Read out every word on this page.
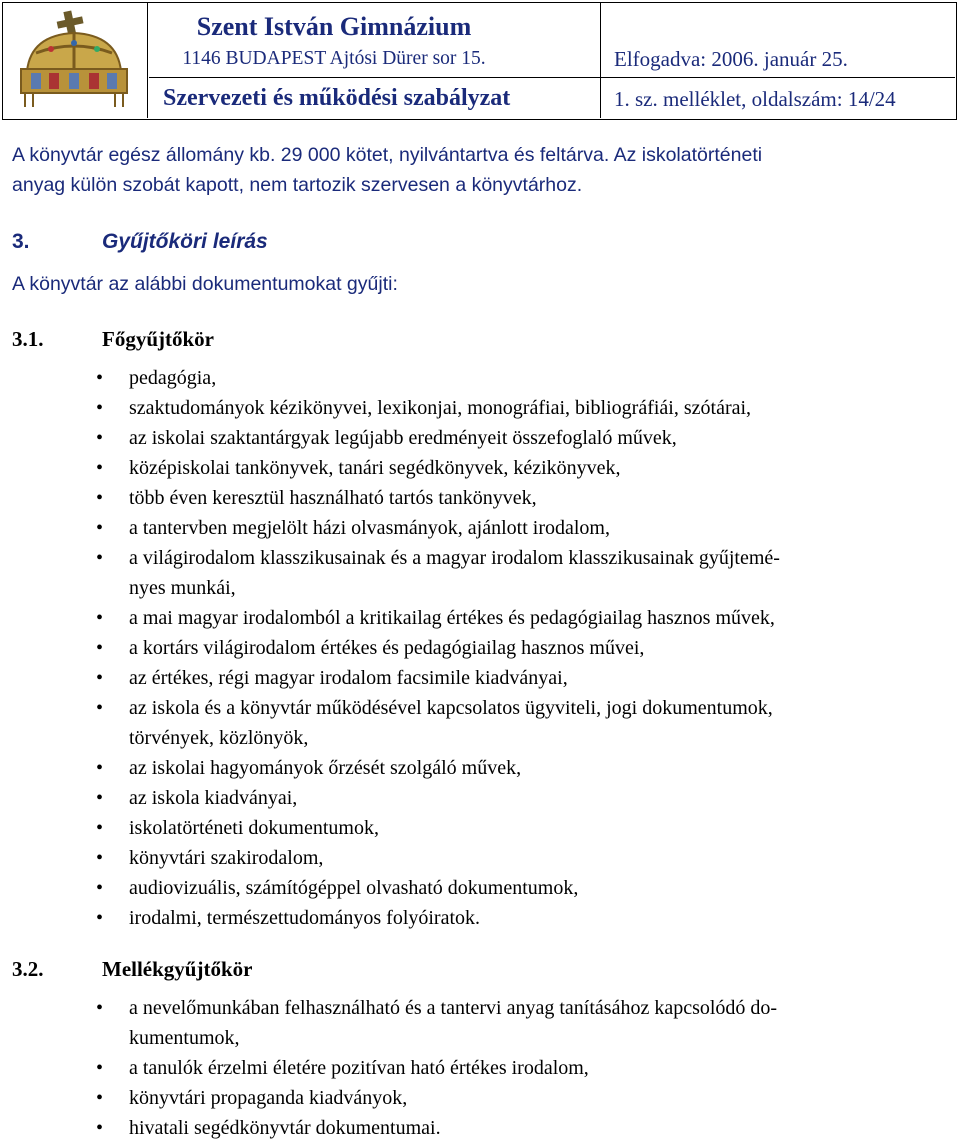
Szent István Gimnázium
1146 BUDAPEST Ajtósi Dürer sor 15.
Szervezeti és működési szabályzat
Elfogadva: 2006. január 25.
1. sz. melléklet, oldalszám: 14/24
A könyvtár egész állomány kb. 29 000 kötet, nyilvántartva és feltárva. Az iskolatörténeti
anyag külön szobát kapott, nem tartozik szervesen a könyvtárhoz.
3.	Gyűjtőköri leírás
A könyvtár az alábbi dokumentumokat gyűjti:
3.1.	Főgyűjtőkör
• pedagógia,
• szaktudományok kézikönyvei, lexikonjai, monográfiai, bibliográfiái, szótárai,
• az iskolai szaktantárgyak legújabb eredményeit összefoglaló művek,
• középiskolai tankönyvek, tanári segédkönyvek, kézikönyvek,
• több éven keresztül használható tartós tankönyvek,
• a tantervben megjelölt házi olvasmányok, ajánlott irodalom,
• a világirodalom klasszikusainak és a magyar irodalom klasszikusainak gyűjtemé-
nyes munkái,
• a mai magyar irodalomból a kritikailag értékes és pedagógiailag hasznos művek,
• a kortárs világirodalom értékes és pedagógiailag hasznos művei,
• az értékes, régi magyar irodalom facsimile kiadványai,
• az iskola és a könyvtár működésével kapcsolatos ügyviteli, jogi dokumentumok,
törvények, közlönyök,
• az iskolai hagyományok őrzését szolgáló művek,
• az iskola kiadványai,
• iskolatörténeti dokumentumok,
• könyvtári szakirodalom,
• audiovizuális, számítógéppel olvasható dokumentumok,
• irodalmi, természettudományos folyóiratok.
3.2.	Mellékgyűjtőkör
• a nevelőmunkában felhasználható és a tantervi anyag tanításához kapcsolódó do-
kumentumok,
• a tanulók érzelmi életére pozitívan ható értékes irodalom,
• könyvtári propaganda kiadványok,
• hivatali segédkönyvtár dokumentumai.
